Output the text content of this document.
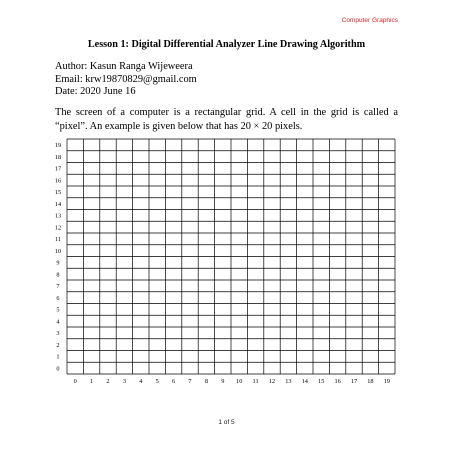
Computer Graphics
Lesson 1: Digital Differential Analyzer Line Drawing Algorithm
Author: Kasun Ranga Wijeweera
Email: krw19870829@gmail.com
Date: 2020 June 16
The screen of a computer is a rectangular grid. A cell in the grid is called a “pixel”. An example is given below that has 20 × 20 pixels.
0
1
2
3
4
5
6
7
8
9
10
11
12
13
14
15
16
17
18
19
0 1 2 3 4 5 6 7 8 9 10 11 12 13 14 15 16 17 18 19
1 of 5
